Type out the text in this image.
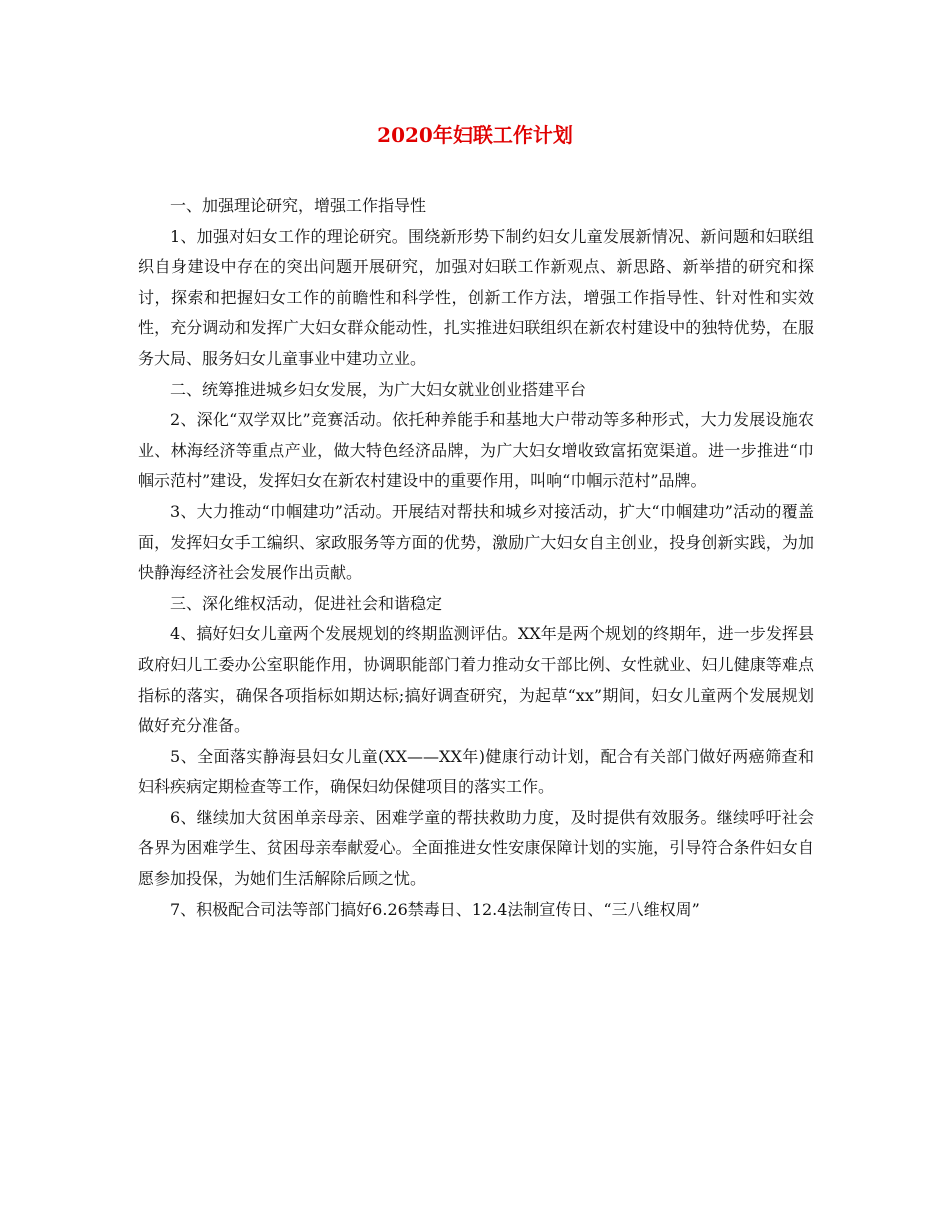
2020年妇联工作计划

一、加强理论研究，增强工作指导性

1、加强对妇女工作的理论研究。围绕新形势下制约妇女儿童发展新情况、新问题和妇联组织自身建设中存在的突出问题开展研究，加强对妇联工作新观点、新思路、新举措的研究和探讨，探索和把握妇女工作的前瞻性和科学性，创新工作方法，增强工作指导性、针对性和实效性，充分调动和发挥广大妇女群众能动性，扎实推进妇联组织在新农村建设中的独特优势，在服务大局、服务妇女儿童事业中建功立业。

二、统筹推进城乡妇女发展，为广大妇女就业创业搭建平台

2、深化“双学双比”竞赛活动。依托种养能手和基地大户带动等多种形式，大力发展设施农业、林海经济等重点产业，做大特色经济品牌，为广大妇女增收致富拓宽渠道。进一步推进“巾帼示范村”建设，发挥妇女在新农村建设中的重要作用，叫响“巾帼示范村”品牌。

3、大力推动“巾帼建功”活动。开展结对帮扶和城乡对接活动，扩大“巾帼建功”活动的覆盖面，发挥妇女手工编织、家政服务等方面的优势，激励广大妇女自主创业，投身创新实践，为加快静海经济社会发展作出贡献。

三、深化维权活动，促进社会和谐稳定

4、搞好妇女儿童两个发展规划的终期监测评估。XX年是两个规划的终期年，进一步发挥县政府妇儿工委办公室职能作用，协调职能部门着力推动女干部比例、女性就业、妇儿健康等难点指标的落实，确保各项指标如期达标;搞好调查研究，为起草“xx”期间，妇女儿童两个发展规划做好充分准备。

5、全面落实静海县妇女儿童(XX——XX年)健康行动计划，配合有关部门做好两癌筛查和妇科疾病定期检查等工作，确保妇幼保健项目的落实工作。

6、继续加大贫困单亲母亲、困难学童的帮扶救助力度，及时提供有效服务。继续呼吁社会各界为困难学生、贫困母亲奉献爱心。全面推进女性安康保障计划的实施，引导符合条件妇女自愿参加投保，为她们生活解除后顾之忧。

7、积极配合司法等部门搞好6.26禁毒日、12.4法制宣传日、“三八维权周”
